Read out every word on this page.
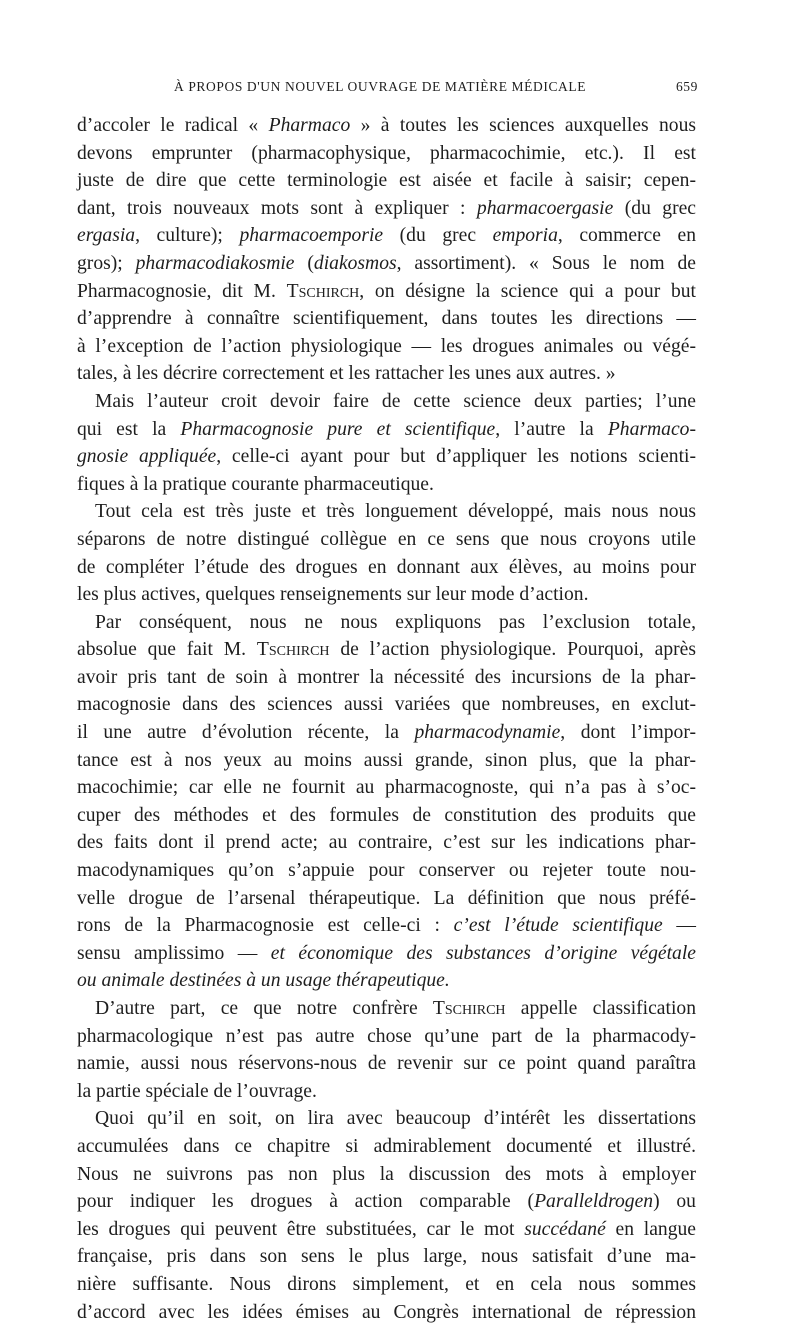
À PROPOS D'UN NOUVEL OUVRAGE DE MATIÈRE MÉDICALE	659
d’accoler le radical « Pharmaco » à toutes les sciences auxquelles nous
devons emprunter (pharmacophysique, pharmacochimie, etc.). Il est
juste de dire que cette terminologie est aisée et facile à saisir; cepen-
dant, trois nouveaux mots sont à expliquer : pharmacoergasie (du grec
ergasia, culture); pharmacoemporie (du grec emporia, commerce en
gros); pharmacodiakosmie (diakosmos, assortiment). « Sous le nom de
Pharmacognosie, dit M. Tschirch, on désigne la science qui a pour but
d’apprendre à connaître scientifiquement, dans toutes les directions —
à l’exception de l’action physiologique — les drogues animales ou végé-
tales, à les décrire correctement et les rattacher les unes aux autres. »
Mais l’auteur croit devoir faire de cette science deux parties; l’une
qui est la Pharmacognosie pure et scientifique, l’autre la Pharmaco-
gnosie appliquée, celle-ci ayant pour but d’appliquer les notions scienti-
fiques à la pratique courante pharmaceutique.
Tout cela est très juste et très longuement développé, mais nous nous
séparons de notre distingué collègue en ce sens que nous croyons utile
de compléter l’étude des drogues en donnant aux élèves, au moins pour
les plus actives, quelques renseignements sur leur mode d’action.
Par conséquent, nous ne nous expliquons pas l’exclusion totale,
absolue que fait M. Tschirch de l’action physiologique. Pourquoi, après
avoir pris tant de soin à montrer la nécessité des incursions de la phar-
macognosie dans des sciences aussi variées que nombreuses, en exclut-
il une autre d’évolution récente, la pharmacodynamie, dont l’impor-
tance est à nos yeux au moins aussi grande, sinon plus, que la phar-
macochimie; car elle ne fournit au pharmacognoste, qui n’a pas à s’oc-
cuper des méthodes et des formules de constitution des produits que
des faits dont il prend acte; au contraire, c’est sur les indications phar-
macodynamiques qu’on s’appuie pour conserver ou rejeter toute nou-
velle drogue de l’arsenal thérapeutique. La définition que nous préfé-
rons de la Pharmacognosie est celle-ci : c’est l’étude scientifique —
sensu amplissimo — et économique des substances d’origine végétale
ou animale destinées à un usage thérapeutique.
D’autre part, ce que notre confrère Tschirch appelle classification
pharmacologique n’est pas autre chose qu’une part de la pharmacody-
namie, aussi nous réservons-nous de revenir sur ce point quand paraîtra
la partie spéciale de l’ouvrage.
Quoi qu’il en soit, on lira avec beaucoup d’intérêt les dissertations
accumulées dans ce chapitre si admirablement documenté et illustré.
Nous ne suivrons pas non plus la discussion des mots à employer
pour indiquer les drogues à action comparable (Paralleldrogen) ou
les drogues qui peuvent être substituées, car le mot succédané en langue
française, pris dans son sens le plus large, nous satisfait d’une ma-
nière suffisante. Nous dirons simplement, et en cela nous sommes
d’accord avec les idées émises au Congrès international de répression
